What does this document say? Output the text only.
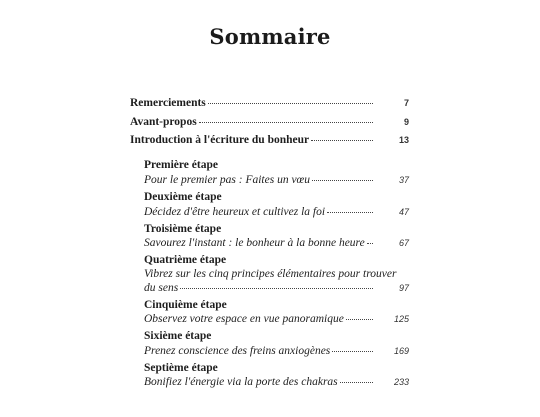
Sommaire
Remerciements	7
Avant-propos	9
Introduction à l'écriture du bonheur	13
Première étape
Pour le premier pas : Faites un vœu	37
Deuxième étape
Décidez d'être heureux et cultivez la foi	47
Troisième étape
Savourez l'instant : le bonheur à la bonne heure	67
Quatrième étape
Vibrez sur les cinq principes élémentaires pour trouver
du sens	97
Cinquième étape
Observez votre espace en vue panoramique	125
Sixième étape
Prenez conscience des freins anxiogènes	169
Septième étape
Bonifiez l'énergie via la porte des chakras	233
